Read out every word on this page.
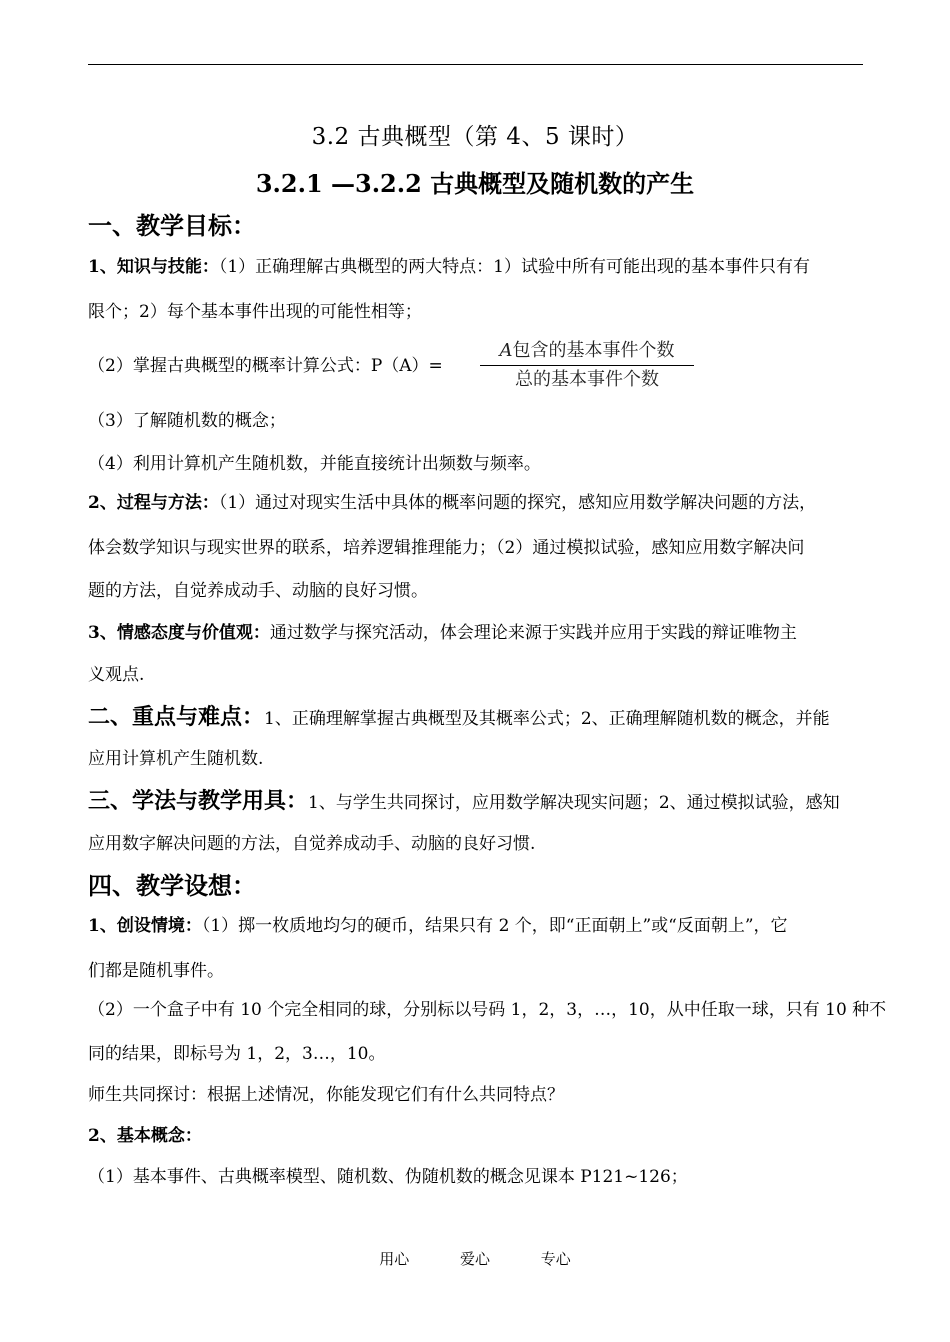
3.2 古典概型（第 4、5 课时）
3.2.1 —3.2.2 古典概型及随机数的产生
一、教学目标：
1、知识与技能：（1）正确理解古典概型的两大特点：1）试验中所有可能出现的基本事件只有有
限个；2）每个基本事件出现的可能性相等；
（2）掌握古典概型的概率计算公式：P（A）=
A包含的基本事件个数
总的基本事件个数
（3）了解随机数的概念；
（4）利用计算机产生随机数，并能直接统计出频数与频率。
2、过程与方法：（1）通过对现实生活中具体的概率问题的探究，感知应用数学解决问题的方法，
体会数学知识与现实世界的联系，培养逻辑推理能力；（2）通过模拟试验，感知应用数字解决问
题的方法，自觉养成动手、动脑的良好习惯。
3、情感态度与价值观：通过数学与探究活动，体会理论来源于实践并应用于实践的辩证唯物主
义观点.
二、重点与难点：1、正确理解掌握古典概型及其概率公式；2、正确理解随机数的概念，并能
应用计算机产生随机数.
三、学法与教学用具：1、与学生共同探讨，应用数学解决现实问题；2、通过模拟试验，感知
应用数字解决问题的方法，自觉养成动手、动脑的良好习惯.
四、教学设想：
1、创设情境：（1）掷一枚质地均匀的硬币，结果只有 2 个，即“正面朝上”或“反面朝上”，它
们都是随机事件。
（2）一个盒子中有 10 个完全相同的球，分别标以号码 1，2，3，…，10，从中任取一球，只有 10 种不
同的结果，即标号为 1，2，3…，10。
师生共同探讨：根据上述情况，你能发现它们有什么共同特点？
2、基本概念：
（1）基本事件、古典概率模型、随机数、伪随机数的概念见课本 P121~126；
用心	爱心	专心
